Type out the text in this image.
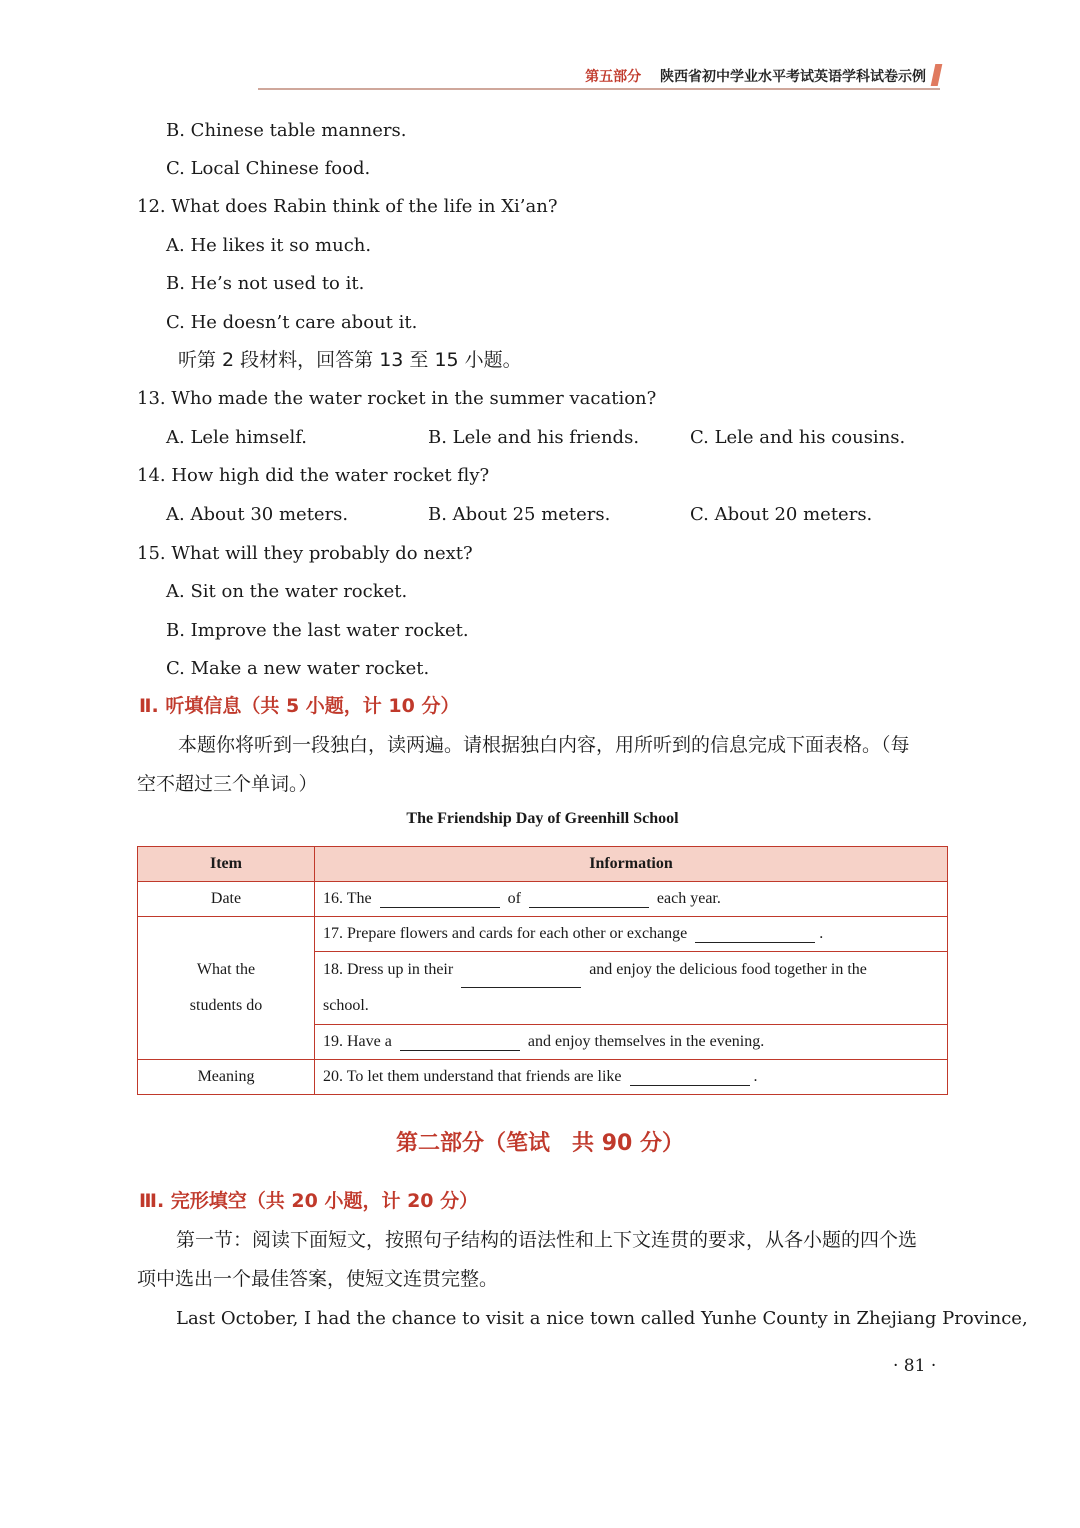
第五部分 陕西省初中学业水平考试英语学科试卷示例
B. Chinese table manners.
C. Local Chinese food.
12. What does Rabin think of the life in Xi’an?
A. He likes it so much.
B. He’s not used to it.
C. He doesn’t care about it.
听第 2 段材料，回答第 13 至 15 小题。
13. Who made the water rocket in the summer vacation?
A. Lele himself.	B. Lele and his friends.	C. Lele and his cousins.
14. How high did the water rocket fly?
A. About 30 meters.	B. About 25 meters.	C. About 20 meters.
15. What will they probably do next?
A. Sit on the water rocket.
B. Improve the last water rocket.
C. Make a new water rocket.
Ⅱ. 听填信息（共 5 小题，计 10 分）
本题你将听到一段独白，读两遍。请根据独白内容，用所听到的信息完成下面表格。（每
空不超过三个单词。）
The Friendship Day of Greenhill School
Item	Information
Date	16. The of each year.
What the
students do	17. Prepare flowers and cards for each other or exchange .
	18. Dress up in their and enjoy the delicious food together in the
school.
	19. Have a and enjoy themselves in the evening.
Meaning	20. To let them understand that friends are like .
第二部分（笔试　共 90 分）
Ⅲ. 完形填空（共 20 小题，计 20 分）
第一节：阅读下面短文，按照句子结构的语法性和上下文连贯的要求，从各小题的四个选
项中选出一个最佳答案，使短文连贯完整。
Last October, I had the chance to visit a nice town called Yunhe County in Zhejiang Province,
· 81 ·
